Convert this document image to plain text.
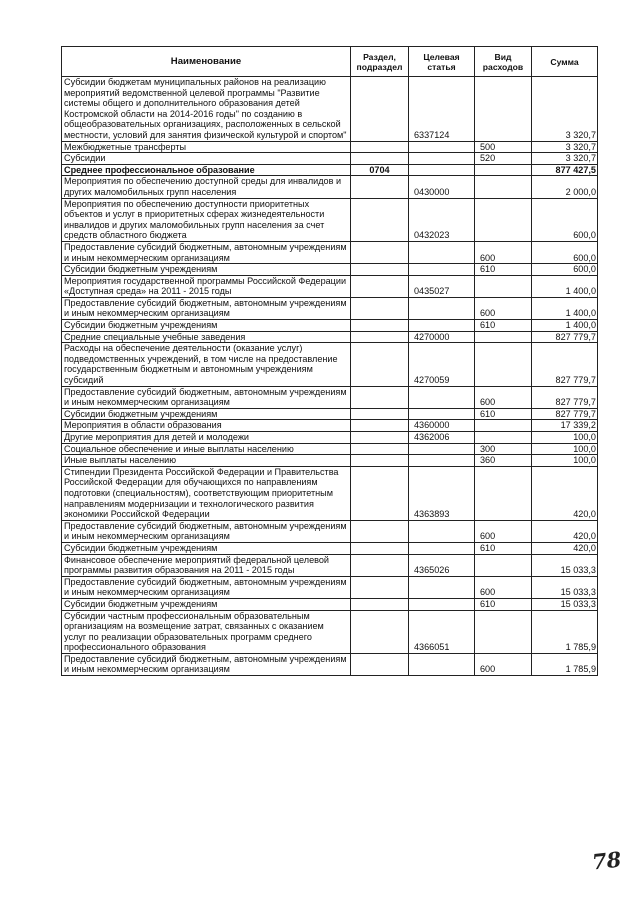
Наименование	Раздел, подраздел	Целевая статья	Вид расходов	Сумма
Субсидии бюджетам муниципальных районов на реализацию мероприятий ведомственной целевой программы "Развитие системы общего и дополнительного образования детей Костромской области на 2014-2016 годы" по созданию в общеобразовательных организациях, расположенных в сельской местности, условий для занятия физической культурой и спортом"		6337124		3 320,7
Межбюджетные трансферты			500	3 320,7
Субсидии			520	3 320,7
Среднее профессиональное образование	0704			877 427,5
Мероприятия по обеспечению доступной среды для инвалидов и других маломобильных групп населения		0430000		2 000,0
Мероприятия по обеспечению доступности приоритетных объектов и услуг в приоритетных сферах жизнедеятельности инвалидов и других маломобильных групп населения за счет средств областного бюджета		0432023		600,0
Предоставление субсидий бюджетным, автономным учреждениям и иным некоммерческим организациям			600	600,0
Субсидии бюджетным учреждениям			610	600,0
Мероприятия государственной программы Российской Федерации «Доступная среда» на 2011 - 2015 годы		0435027		1 400,0
Предоставление субсидий бюджетным, автономным учреждениям и иным некоммерческим организациям			600	1 400,0
Субсидии бюджетным учреждениям			610	1 400,0
Средние специальные учебные заведения		4270000		827 779,7
Расходы на обеспечение деятельности (оказание услуг) подведомственных учреждений, в том числе на предоставление государственным бюджетным и автономным учреждениям субсидий		4270059		827 779,7
Предоставление субсидий бюджетным, автономным учреждениям и иным некоммерческим организациям			600	827 779,7
Субсидии бюджетным учреждениям			610	827 779,7
Мероприятия в области образования		4360000		17 339,2
Другие мероприятия для детей и молодежи		4362006		100,0
Социальное обеспечение и иные выплаты населению			300	100,0
Иные выплаты населению			360	100,0
Стипендии Президента Российской Федерации и Правительства Российской Федерации для обучающихся по направлениям подготовки (специальностям), соответствующим приоритетным направлениям модернизации и технологического развития экономики Российской Федерации		4363893		420,0
Предоставление субсидий бюджетным, автономным учреждениям и иным некоммерческим организациям			600	420,0
Субсидии бюджетным учреждениям			610	420,0
Финансовое обеспечение мероприятий федеральной целевой программы развития образования на 2011 - 2015 годы		4365026		15 033,3
Предоставление субсидий бюджетным, автономным учреждениям и иным некоммерческим организациям			600	15 033,3
Субсидии бюджетным учреждениям			610	15 033,3
Субсидии частным профессиональным образовательным организациям на возмещение затрат, связанных с оказанием услуг по реализации образовательных программ среднего профессионального образования		4366051		1 785,9
Предоставление субсидий бюджетным, автономным учреждениям и иным некоммерческим организациям			600	1 785,9
78
